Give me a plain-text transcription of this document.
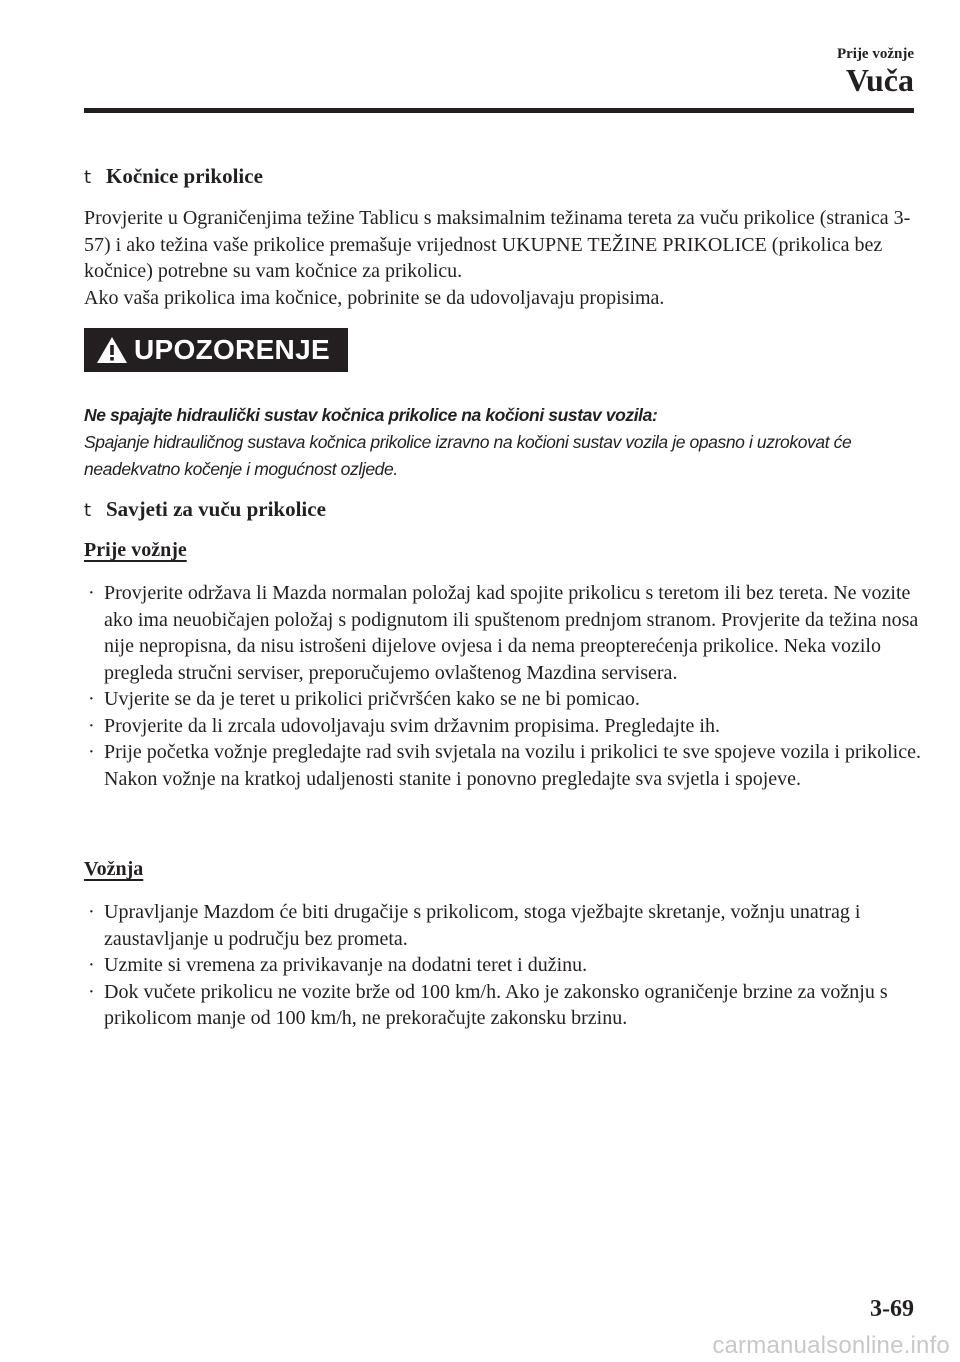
Prije vožnje
Vuča
t Kočnice prikolice

Provjerite u Ograničenjima težine Tablicu s maksimalnim težinama tereta za vuču prikolice (stranica 3-57) i ako težina vaše prikolice premašuje vrijednost UKUPNE TEŽINE PRIKOLICE (prikolica bez kočnice) potrebne su vam kočnice za prikolicu.

Ako vaša prikolica ima kočnice, pobrinite se da udovoljavaju propisima.

UPOZORENJE

Ne spajajte hidraulički sustav kočnica prikolice na kočioni sustav vozila:

Spajanje hidrauličnog sustava kočnica prikolice izravno na kočioni sustav vozila je opasno i uzrokovat će neadekvatno kočenje i mogućnost ozljede.

t Savjeti za vuču prikolice
Prije vožnje
· Provjerite održava li Mazda normalan položaj kad spojite prikolicu s teretom ili bez tereta. Ne vozite ako ima neuobičajen položaj s podignutom ili spuštenom prednjom stranom. Provjerite da težina nosa nije nepropisna, da nisu istrošeni dijelove ovjesa i da nema preopterećenja prikolice. Neka vozilo pregleda stručni serviser, preporučujemo ovlaštenog Mazdina servisera.
· Uvjerite se da je teret u prikolici pričvršćen kako se ne bi pomicao.
· Provjerite da li zrcala udovoljavaju svim državnim propisima. Pregledajte ih.
· Prije početka vožnje pregledajte rad svih svjetala na vozilu i prikolici te sve spojeve vozila i prikolice. Nakon vožnje na kratkoj udaljenosti stanite i ponovno pregledajte sva svjetla i spojeve.
Vožnja
· Upravljanje Mazdom će biti drugačije s prikolicom, stoga vježbajte skretanje, vožnju unatrag i zaustavljanje u području bez prometa.
· Uzmite si vremena za privikavanje na dodatni teret i dužinu.
· Dok vučete prikolicu ne vozite brže od 100 km/h. Ako je zakonsko ograničenje brzine za vožnju s prikolicom manje od 100 km/h, ne prekoračujte zakonsku brzinu.
3-69
carmanualsonline.info
